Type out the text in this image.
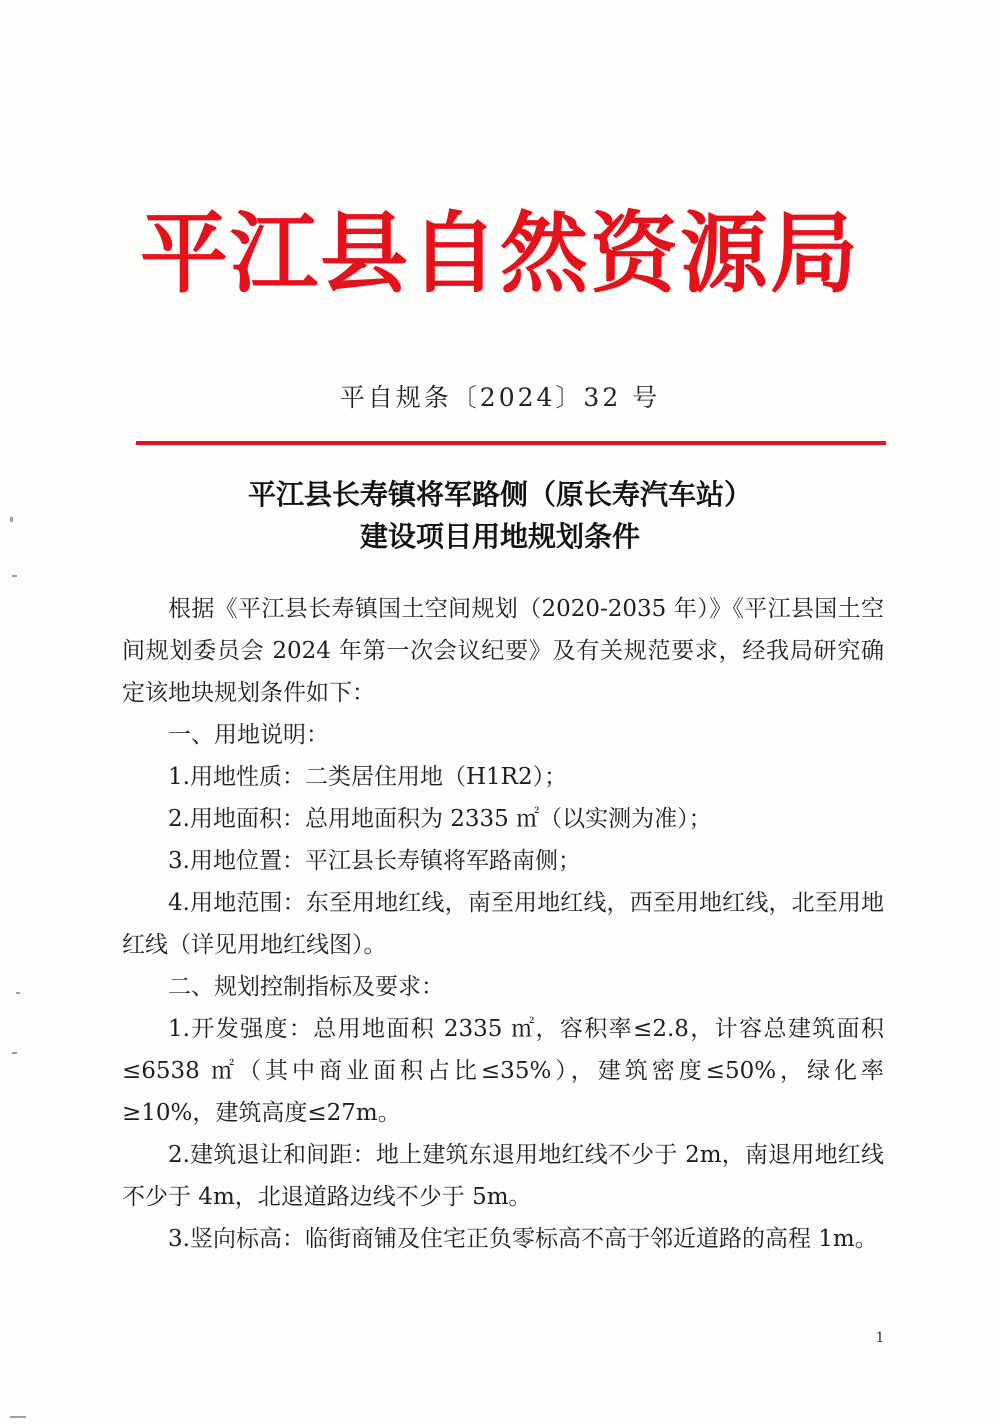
平江县自然资源局
平自规条〔2024〕32 号
平江县长寿镇将军路侧（原长寿汽车站）
建设项目用地规划条件

根据《平江县长寿镇国土空间规划（2020-2035 年）》《平江县国土空间规划委员会 2024 年第一次会议纪要》及有关规范要求，经我局研究确定该地块规划条件如下：

一、用地说明：

1.用地性质：二类居住用地（H1R2）；

2.用地面积：总用地面积为 2335 ㎡（以实测为准）；

3.用地位置：平江县长寿镇将军路南侧；

4.用地范围：东至用地红线，南至用地红线，西至用地红线，北至用地红线（详见用地红线图）。

二、规划控制指标及要求：

1.开发强度：总用地面积 2335 ㎡，容积率≤2.8，计容总建筑面积≤6538 ㎡（其中商业面积占比≤35%），建筑密度≤50%，绿化率≥10%，建筑高度≤27m。

2.建筑退让和间距：地上建筑东退用地红线不少于 2m，南退用地红线不少于 4m，北退道路边线不少于 5m。

3.竖向标高：临街商铺及住宅正负零标高不高于邻近道路的高程 1m。

1
